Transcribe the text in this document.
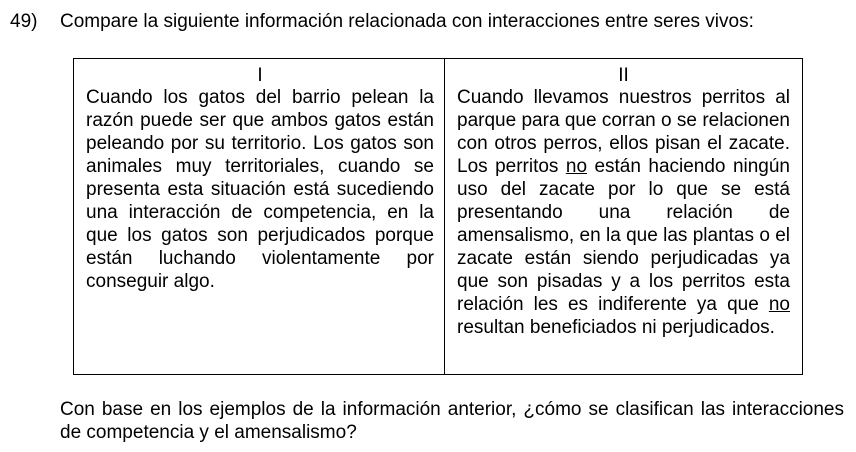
49) Compare la siguiente información relacionada con interacciones entre seres vivos:
I
Cuando los gatos del barrio pelean la razón puede ser que ambos gatos están peleando por su territorio. Los gatos son animales muy territoriales, cuando se presenta esta situación está sucediendo una interacción de competencia, en la que los gatos son perjudicados porque están luchando violentamente por conseguir algo.
II
Cuando llevamos nuestros perritos al parque para que corran o se relacionen con otros perros, ellos pisan el zacate. Los perritos no están haciendo ningún uso del zacate por lo que se está presentando una relación de amensalismo, en la que las plantas o el zacate están siendo perjudicadas ya que son pisadas y a los perritos esta relación les es indiferente ya que no resultan beneficiados ni perjudicados.
Con base en los ejemplos de la información anterior, ¿cómo se clasifican las interacciones de competencia y el amensalismo?
